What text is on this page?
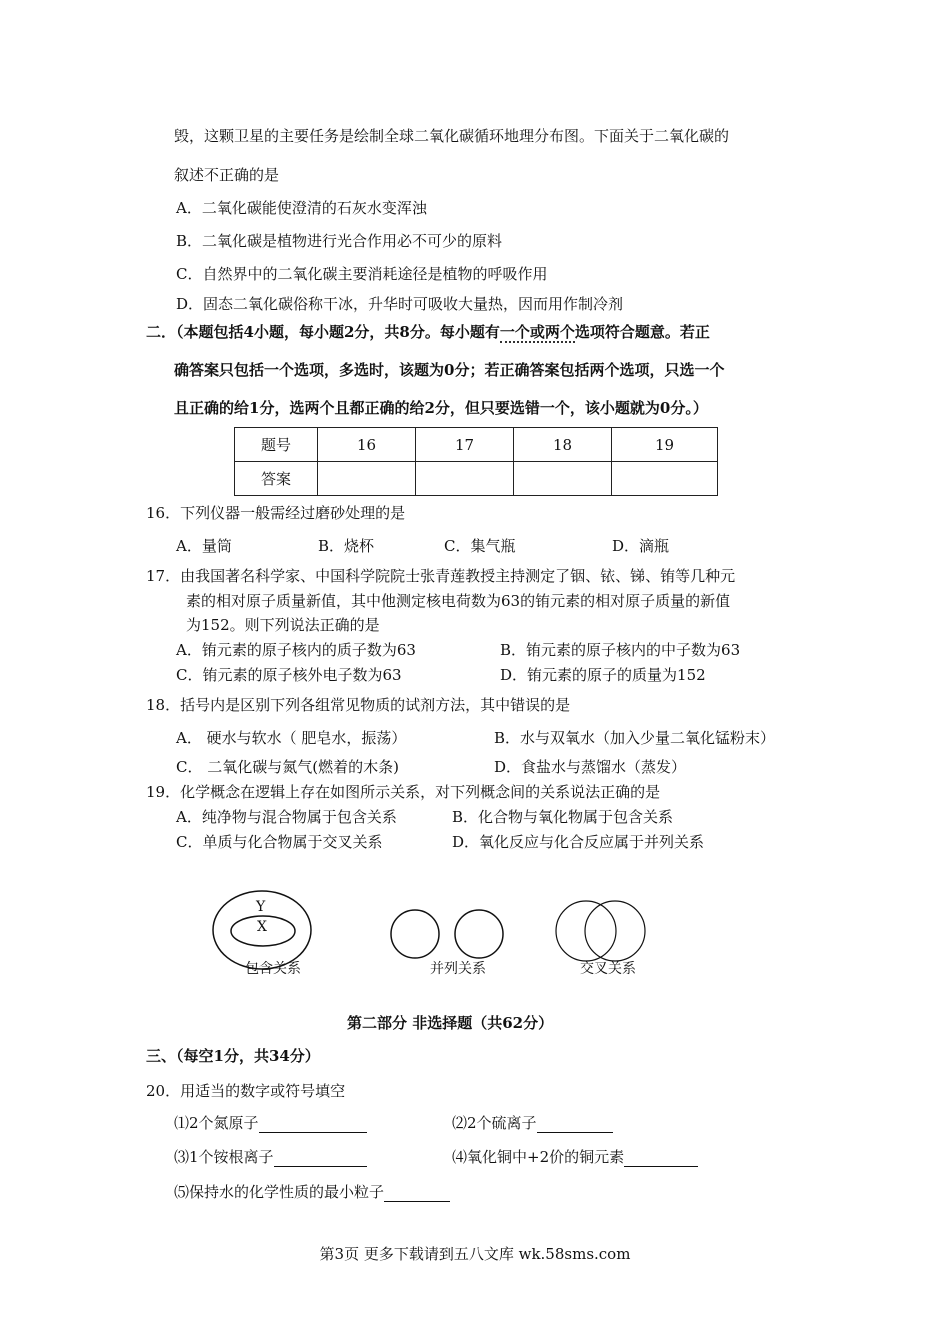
毁，这颗卫星的主要任务是绘制全球二氧化碳循环地理分布图。下面关于二氧化碳的
叙述不正确的是
A．二氧化碳能使澄清的石灰水变浑浊
B．二氧化碳是植物进行光合作用必不可少的原料
C．自然界中的二氧化碳主要消耗途径是植物的呼吸作用
D．固态二氧化碳俗称干冰，升华时可吸收大量热，因而用作制冷剂
二．（本题包括4小题，每小题2分，共8分。每小题有一个或两个选项符合题意。若正
确答案只包括一个选项，多选时，该题为0分；若正确答案包括两个选项，只选一个
且正确的给1分，选两个且都正确的给2分，但只要选错一个，该小题就为0分。）
题号	16	17	18	19
答案				
16．下列仪器一般需经过磨砂处理的是
A．量筒	B．烧杯	C．集气瓶	D．滴瓶
17．由我国著名科学家、中国科学院院士张青莲教授主持测定了铟、铱、锑、铕等几种元
素的相对原子质量新值，其中他测定核电荷数为63的铕元素的相对原子质量的新值
为152。则下列说法正确的是
A．铕元素的原子核内的质子数为63	B．铕元素的原子核内的中子数为63
C．铕元素的原子核外电子数为63	D．铕元素的原子的质量为152
18．括号内是区别下列各组常见物质的试剂方法，其中错误的是
A． 硬水与软水（ 肥皂水，振荡）	B．水与双氧水（加入少量二氧化锰粉末）
C． 二氧化碳与氮气(燃着的木条)	D．食盐水与蒸馏水（蒸发）
19．化学概念在逻辑上存在如图所示关系，对下列概念间的关系说法正确的是
A．纯净物与混合物属于包含关系	B．化合物与氧化物属于包含关系
C．单质与化合物属于交叉关系	D．氧化反应与化合反应属于并列关系
Y
X
包含关系	并列关系	交叉关系
第二部分 非选择题（共62分）
三、（每空1分，共34分）
20．用适当的数字或符号填空
⑴2个氮原子	⑵2个硫离子
⑶1个铵根离子	⑷氧化铜中+2价的铜元素
⑸保持水的化学性质的最小粒子
第3页 更多下载请到五八文库 wk.58sms.com
